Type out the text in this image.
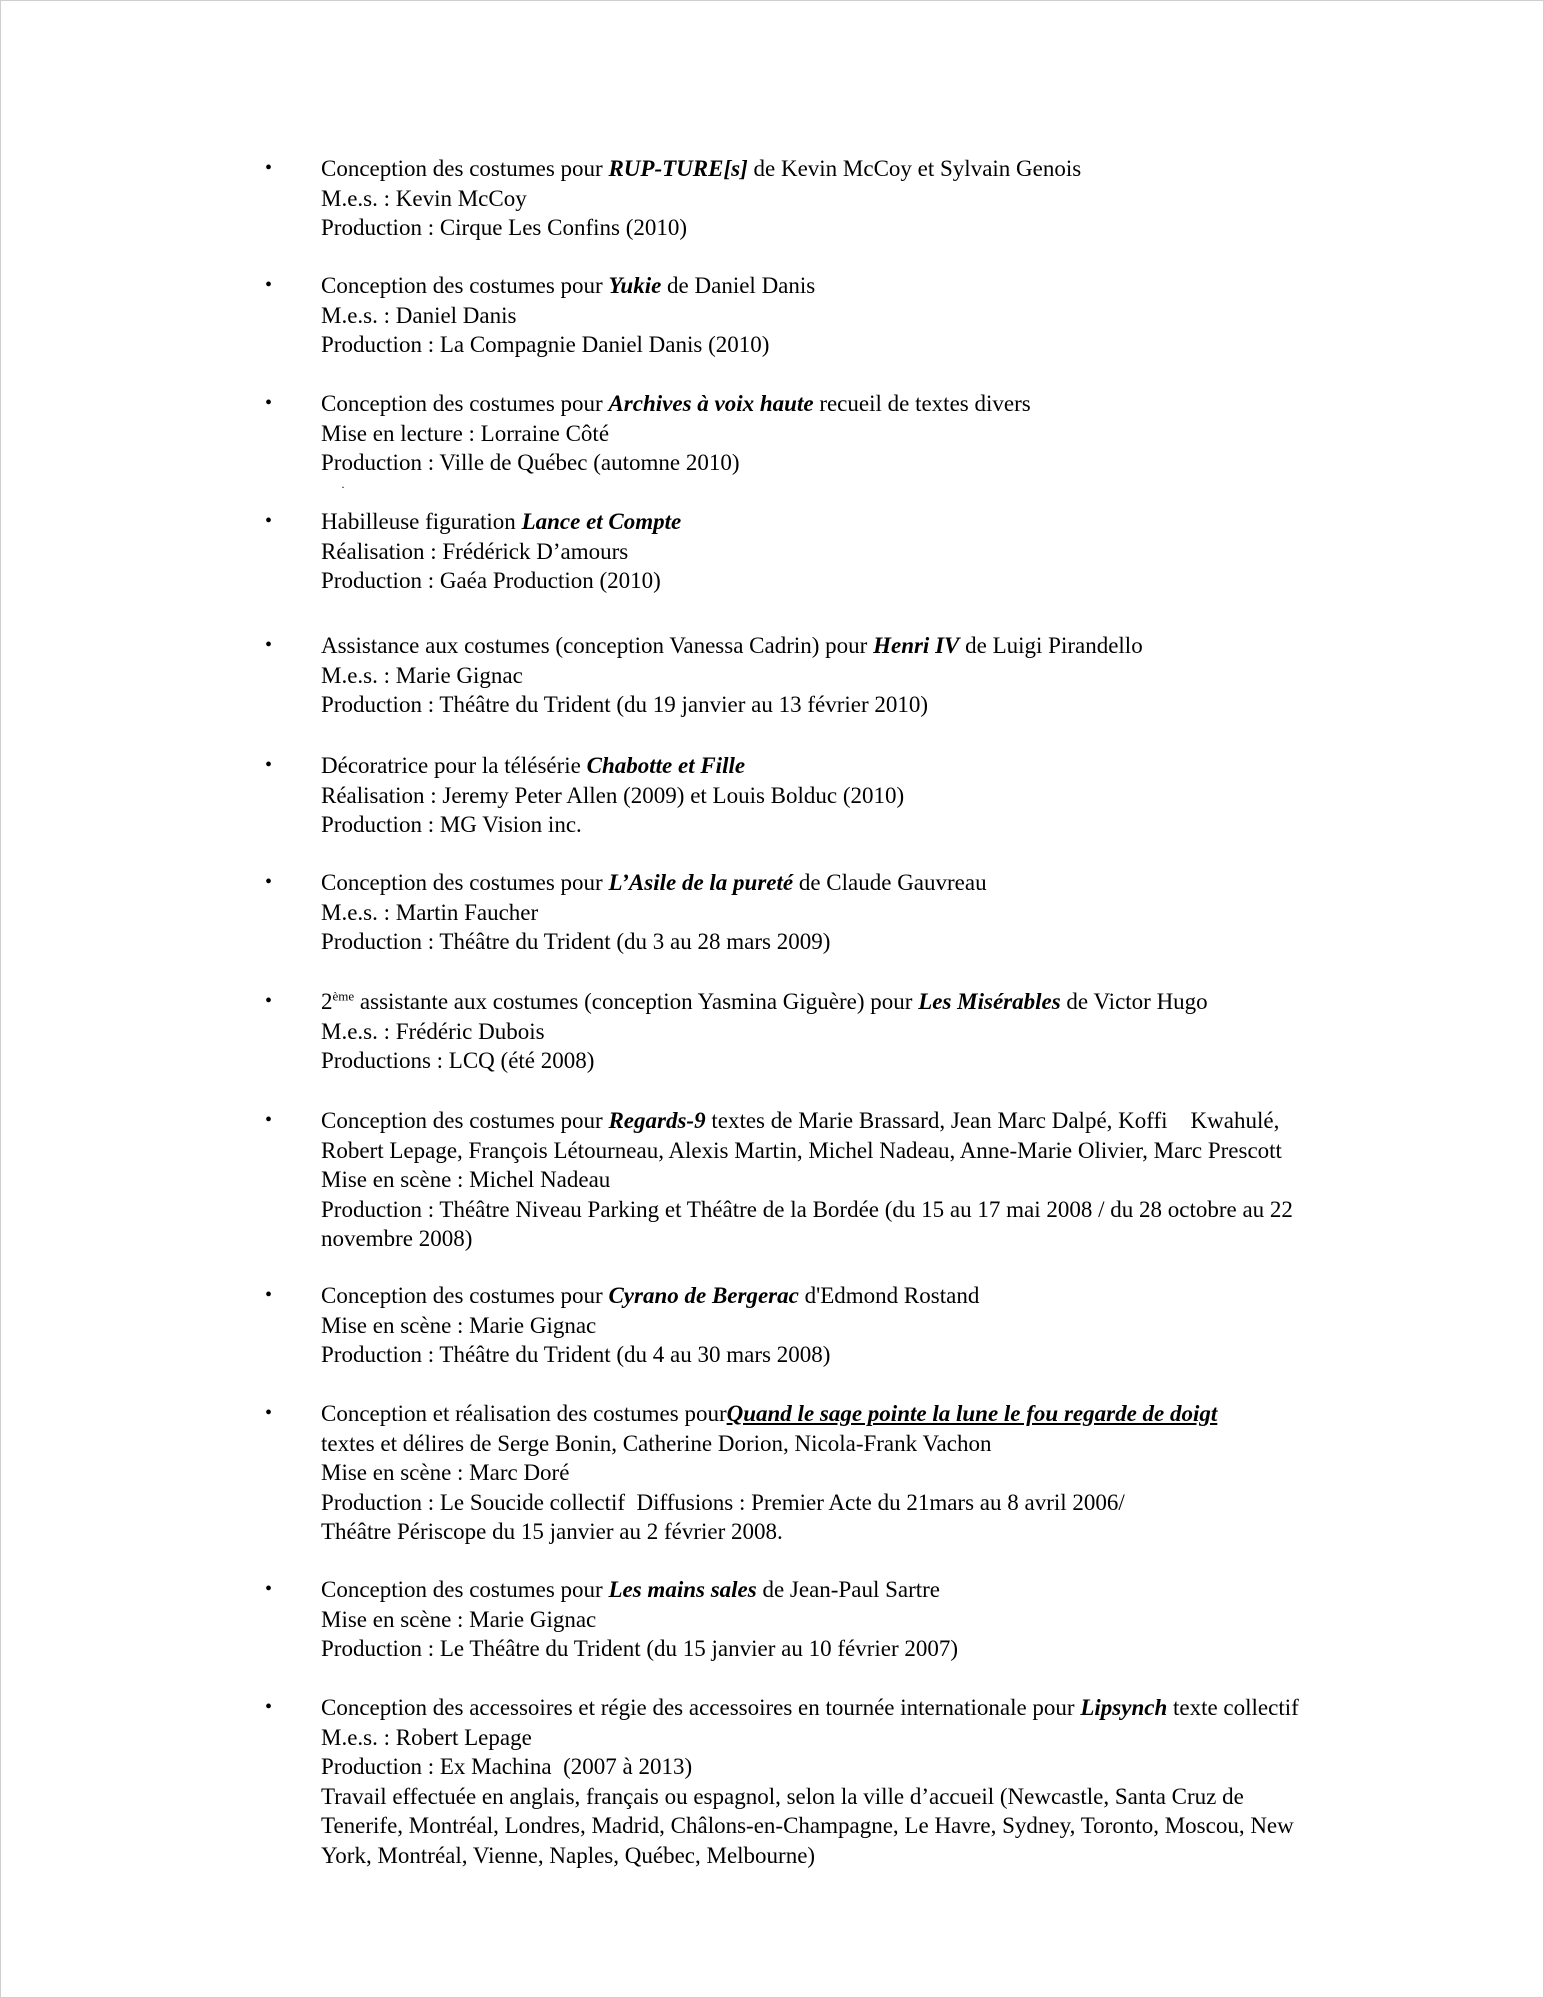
• Conception des costumes pour RUP-TURE[s] de Kevin McCoy et Sylvain Genois
M.e.s. : Kevin McCoy
Production : Cirque Les Confins (2010)
• Conception des costumes pour Yukie de Daniel Danis
M.e.s. : Daniel Danis
Production : La Compagnie Daniel Danis (2010)
• Conception des costumes pour Archives à voix haute recueil de textes divers
Mise en lecture : Lorraine Côté
Production : Ville de Québec (automne 2010)
• Habilleuse figuration Lance et Compte
Réalisation : Frédérick D’amours
Production : Gaéa Production (2010)
• Assistance aux costumes (conception Vanessa Cadrin) pour Henri IV de Luigi Pirandello
M.e.s. : Marie Gignac
Production : Théâtre du Trident (du 19 janvier au 13 février 2010)
• Décoratrice pour la télésérie Chabotte et Fille
Réalisation : Jeremy Peter Allen (2009) et Louis Bolduc (2010)
Production : MG Vision inc.
• Conception des costumes pour L’Asile de la pureté de Claude Gauvreau
M.e.s. : Martin Faucher
Production : Théâtre du Trident (du 3 au 28 mars 2009)
• 2ème assistante aux costumes (conception Yasmina Giguère) pour Les Misérables de Victor Hugo
M.e.s. : Frédéric Dubois
Productions : LCQ (été 2008)
• Conception des costumes pour Regards-9 textes de Marie Brassard, Jean Marc Dalpé, Koffi    Kwahulé,
Robert Lepage, François Létourneau, Alexis Martin, Michel Nadeau, Anne-Marie Olivier, Marc Prescott
Mise en scène : Michel Nadeau
Production : Théâtre Niveau Parking et Théâtre de la Bordée (du 15 au 17 mai 2008 / du 28 octobre au 22
novembre 2008)
• Conception des costumes pour Cyrano de Bergerac d'Edmond Rostand
Mise en scène : Marie Gignac
Production : Théâtre du Trident (du 4 au 30 mars 2008)
• Conception et réalisation des costumes pourQuand le sage pointe la lune le fou regarde de doigt
textes et délires de Serge Bonin, Catherine Dorion, Nicola-Frank Vachon
Mise en scène : Marc Doré
Production : Le Soucide collectif  Diffusions : Premier Acte du 21mars au 8 avril 2006/
Théâtre Périscope du 15 janvier au 2 février 2008.
• Conception des costumes pour Les mains sales de Jean-Paul Sartre
Mise en scène : Marie Gignac
Production : Le Théâtre du Trident (du 15 janvier au 10 février 2007)
• Conception des accessoires et régie des accessoires en tournée internationale pour Lipsynch texte collectif
M.e.s. : Robert Lepage
Production : Ex Machina  (2007 à 2013)
Travail effectuée en anglais, français ou espagnol, selon la ville d’accueil (Newcastle, Santa Cruz de
Tenerife, Montréal, Londres, Madrid, Châlons-en-Champagne, Le Havre, Sydney, Toronto, Moscou, New
York, Montréal, Vienne, Naples, Québec, Melbourne)
·
